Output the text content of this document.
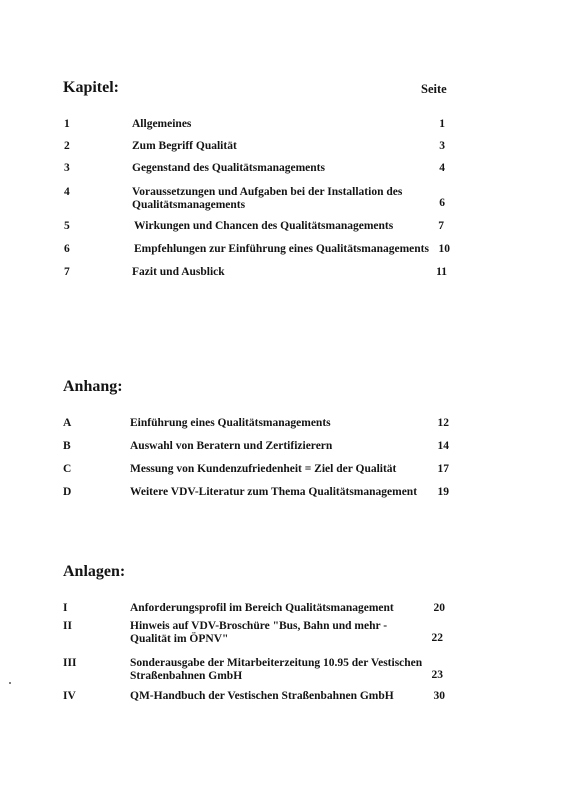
Kapitel:	Seite
1	Allgemeines	1
2	Zum Begriff Qualität	3
3	Gegenstand des Qualitätsmanagements	4
4	Voraussetzungen und Aufgaben bei der Installation des Qualitätsmanagements	6
5	Wirkungen und Chancen des Qualitätsmanagements	7
6	Empfehlungen zur Einführung eines Qualitätsmanagements 10
7	Fazit und Ausblick	11
Anhang:
A	Einführung eines Qualitätsmanagements	12
B	Auswahl von Beratern und Zertifizierern	14
C	Messung von Kundenzufriedenheit = Ziel der Qualität	17
D	Weitere VDV-Literatur zum Thema Qualitätsmanagement	19
Anlagen:
I	Anforderungsprofil im Bereich Qualitätsmanagement	20
II	Hinweis auf VDV-Broschüre "Bus, Bahn und mehr - Qualität im ÖPNV"	22
III	Sonderausgabe der Mitarbeiterzeitung 10.95 der Vestischen Straßenbahnen GmbH	23
IV	QM-Handbuch der Vestischen Straßenbahnen GmbH	30
